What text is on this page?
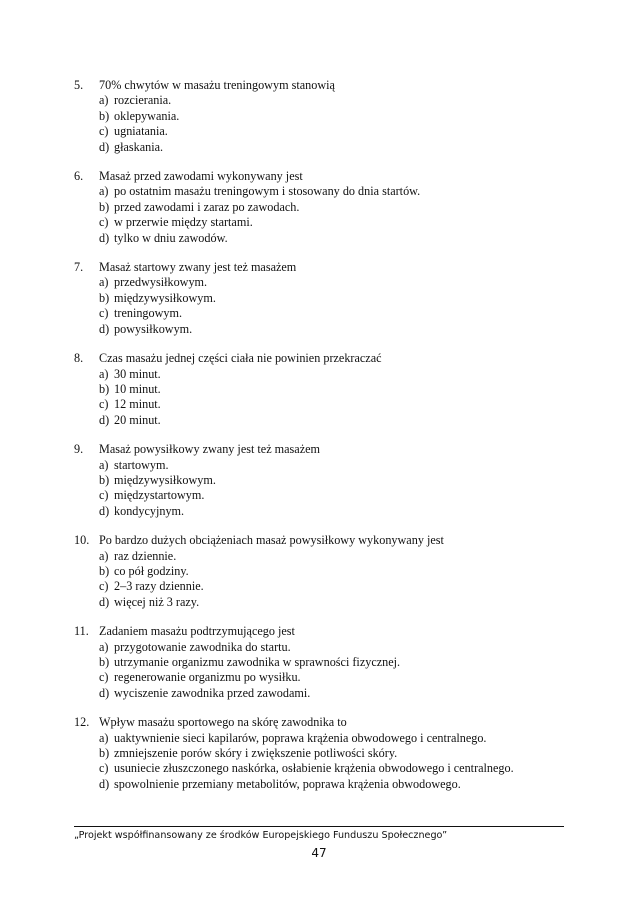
5.	70% chwytów w masażu treningowym stanowią
a) rozcierania.
b) oklepywania.
c) ugniatania.
d) głaskania.
6.	Masaż przed zawodami wykonywany jest
a) po ostatnim masażu treningowym i stosowany do dnia startów.
b) przed zawodami i zaraz po zawodach.
c) w przerwie między startami.
d) tylko w dniu zawodów.
7.	Masaż startowy zwany jest też masażem
a) przedwysiłkowym.
b) międzywysiłkowym.
c) treningowym.
d) powysiłkowym.
8.	Czas masażu jednej części ciała nie powinien przekraczać
a) 30 minut.
b) 10 minut.
c) 12 minut.
d) 20 minut.
9.	Masaż powysiłkowy zwany jest też masażem
a) startowym.
b) międzywysiłkowym.
c) międzystartowym.
d) kondycyjnym.
10. Po bardzo dużych obciążeniach masaż powysiłkowy wykonywany jest
a) raz dziennie.
b) co pół godziny.
c) 2–3 razy dziennie.
d) więcej niż 3 razy.
11. Zadaniem masażu podtrzymującego jest
a) przygotowanie zawodnika do startu.
b) utrzymanie organizmu zawodnika w sprawności fizycznej.
c) regenerowanie organizmu po wysiłku.
d) wyciszenie zawodnika przed zawodami.
12. Wpływ masażu sportowego na skórę zawodnika to
a) uaktywnienie sieci kapilarów, poprawa krążenia obwodowego i centralnego.
b) zmniejszenie porów skóry i zwiększenie potliwości skóry.
c) usuniecie złuszczonego naskórka, osłabienie krążenia obwodowego i centralnego.
d) spowolnienie przemiany metabolitów, poprawa krążenia obwodowego.
„Projekt współfinansowany ze środków Europejskiego Funduszu Społecznego”
47
